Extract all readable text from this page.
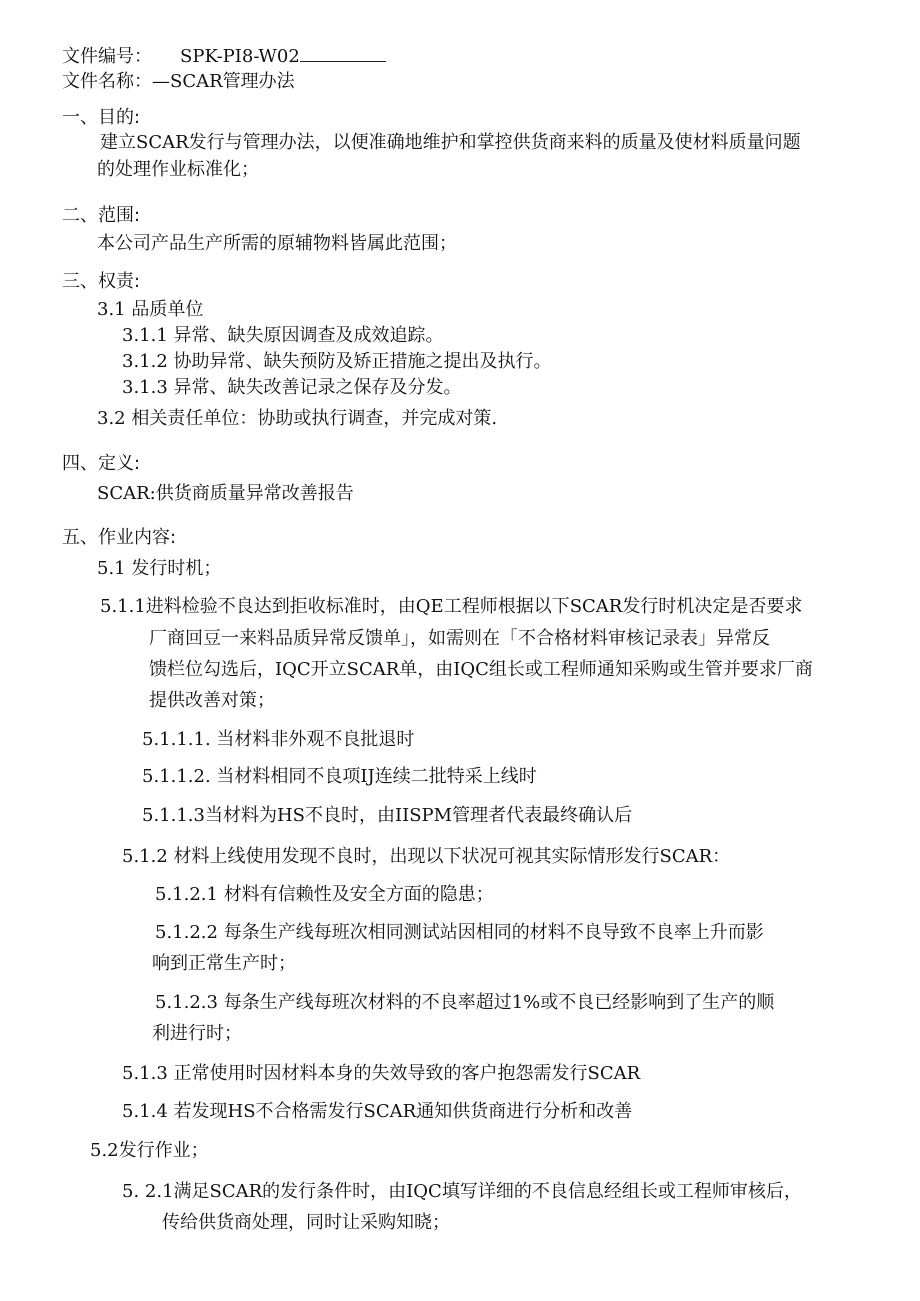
文件编号： SPK-PI8-W02
文件名称：—SCAR管理办法
一、目的:
建立SCAR发行与管理办法，以便准确地维护和掌控供货商来料的质量及使材料质量问题
的处理作业标准化；
二、范围:
本公司产品生产所需的原辅物料皆属此范围；
三、权责:
3.1 品质单位
3.1.1 异常、缺失原因调查及成效追踪。
3.1.2 协助异常、缺失预防及矫正措施之提出及执行。
3.1.3 异常、缺失改善记录之保存及分发。
3.2 相关责任单位：协助或执行调查，并完成对策.
四、定义:
SCAR:供货商质量异常改善报告
五、作业内容:
5.1 发行时机；
5.1.1进料检验不良达到拒收标准时，由QE工程师根据以下SCAR发行时机决定是否要求
厂商回豆一来料品质异常反馈单」，如需则在「不合格材料审核记录表」异常反
馈栏位勾选后，IQC开立SCAR单，由IQC组长或工程师通知采购或生管并要求厂商
提供改善对策；
5.1.1.1. 当材料非外观不良批退时
5.1.1.2. 当材料相同不良项IJ连续二批特采上线时
5.1.1.3当材料为HS不良时，由IISPM管理者代表最终确认后
5.1.2 材料上线使用发现不良时，出现以下状况可视其实际情形发行SCAR：
5.1.2.1 材料有信赖性及安全方面的隐患；
5.1.2.2 每条生产线每班次相同测试站因相同的材料不良导致不良率上升而影
响到正常生产时；
5.1.2.3 每条生产线每班次材料的不良率超过1%或不良已经影响到了生产的顺
利进行时；
5.1.3 正常使用时因材料本身的失效导致的客户抱怨需发行SCAR
5.1.4 若发现HS不合格需发行SCAR通知供货商进行分析和改善
5.2发行作业；
5. 2.1满足SCAR的发行条件时，由IQC填写详细的不良信息经组长或工程师审核后，
传给供货商处理，同时让采购知晓；
